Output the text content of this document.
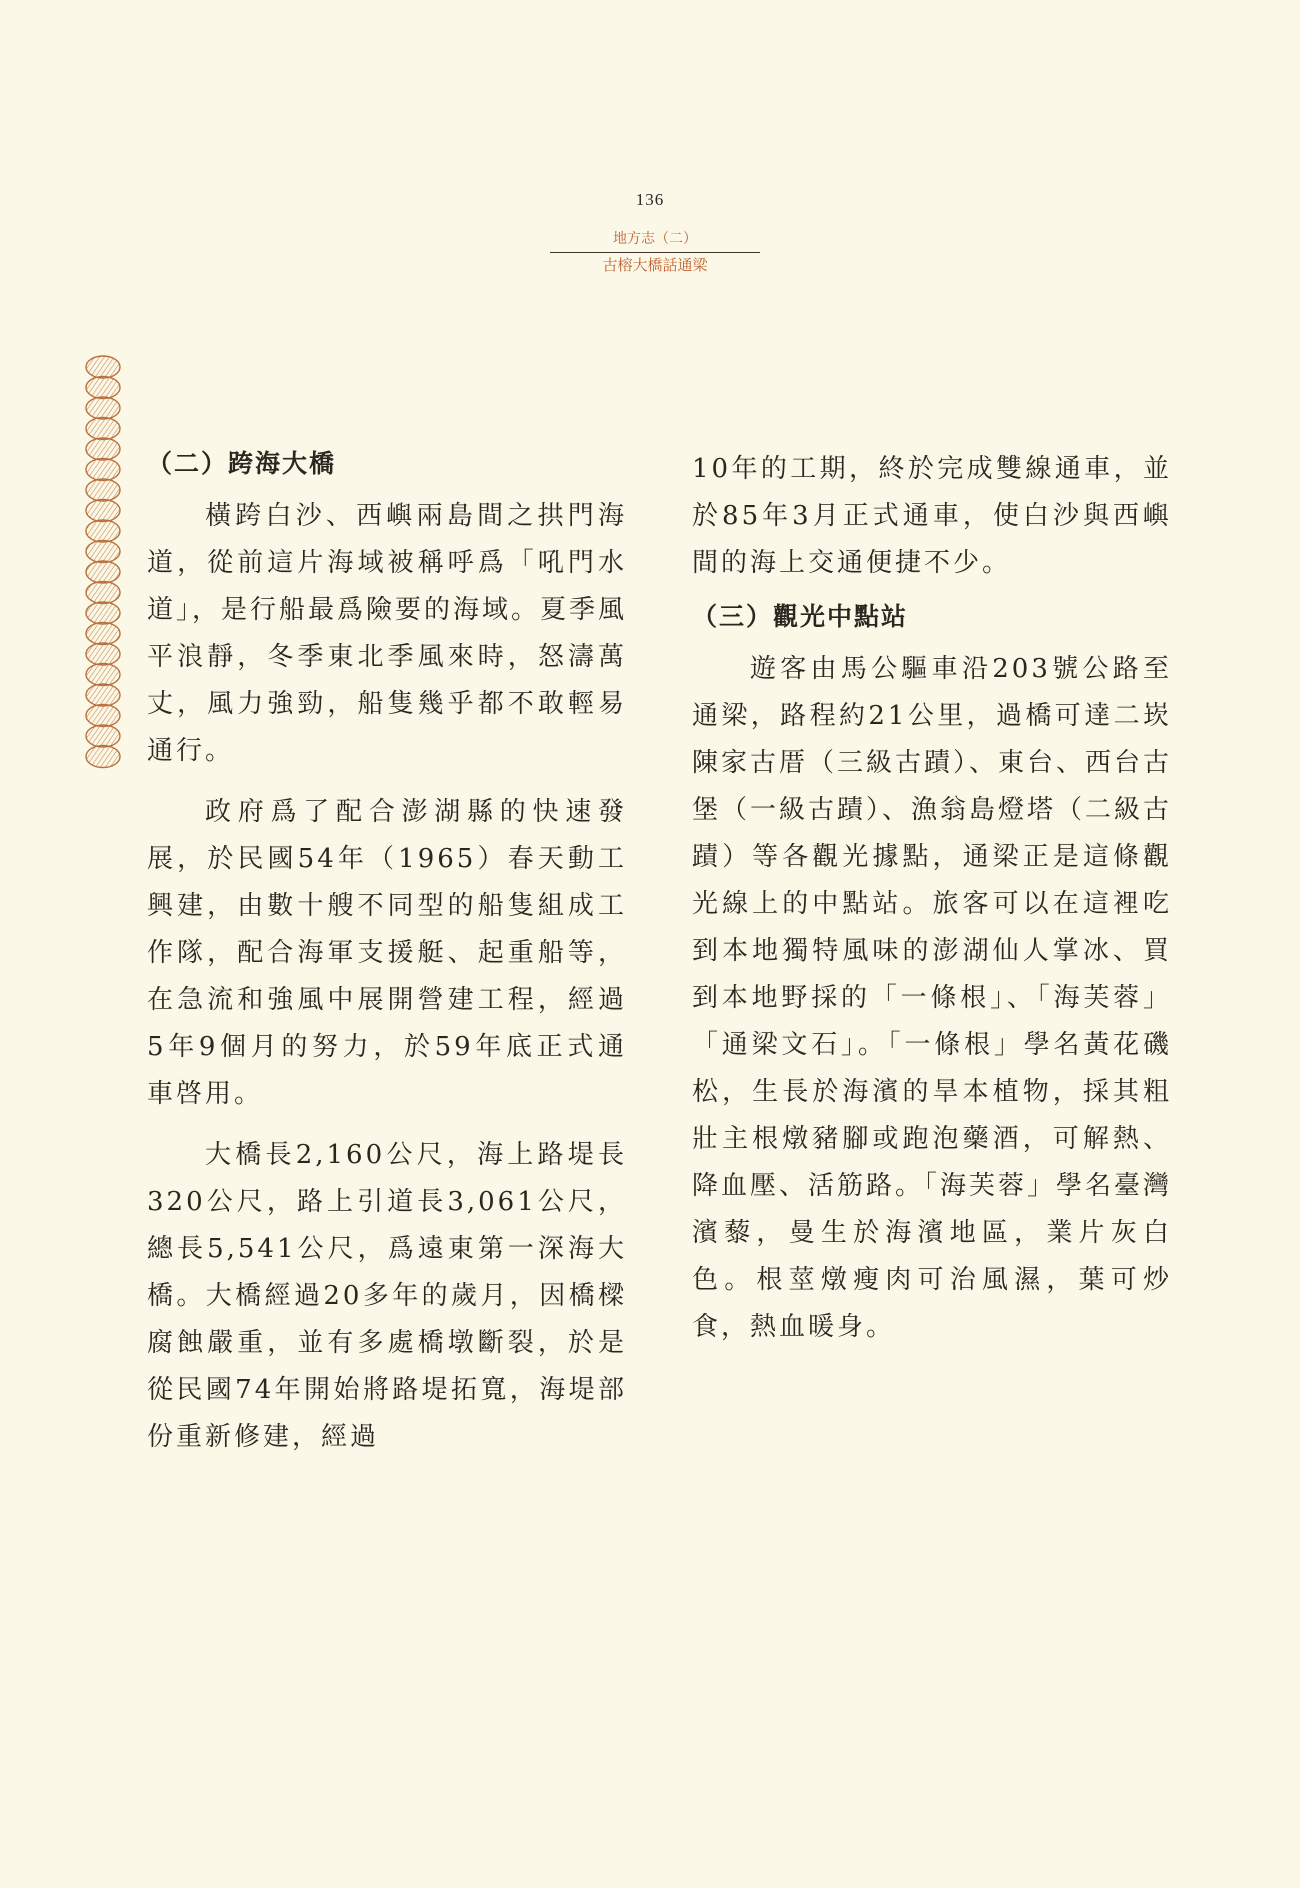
136
地方志（二）
古榕大橋話通梁
（二）跨海大橋

橫跨白沙、西嶼兩島間之拱門海道，從前這片海域被稱呼爲「吼門水道」，是行船最爲險要的海域。夏季風平浪靜，冬季東北季風來時，怒濤萬丈，風力強勁，船隻幾乎都不敢輕易通行。

政府爲了配合澎湖縣的快速發展，於民國54年（1965）春天動工興建，由數十艘不同型的船隻組成工作隊，配合海軍支援艇、起重船等，在急流和強風中展開營建工程，經過5年9個月的努力，於59年底正式通車啓用。

大橋長2,160公尺，海上路堤長320公尺，路上引道長3,061公尺，總長5,541公尺，爲遠東第一深海大橋。大橋經過20多年的歲月，因橋樑腐蝕嚴重，並有多處橋墩斷裂，於是從民國74年開始將路堤拓寬，海堤部份重新修建，經過

10年的工期，終於完成雙線通車，並於85年3月正式通車，使白沙與西嶼間的海上交通便捷不少。

（三）觀光中點站

遊客由馬公驅車沿203號公路至通梁，路程約21公里，過橋可達二崁陳家古厝（三級古蹟）、東台、西台古堡（一級古蹟）、漁翁島燈塔（二級古蹟）等各觀光據點，通梁正是這條觀光線上的中點站。旅客可以在這裡吃到本地獨特風味的澎湖仙人掌冰、買到本地野採的「一條根」、「海芙蓉」「通梁文石」。「一條根」學名黃花磯松，生長於海濱的旱本植物，採其粗壯主根燉豬腳或跑泡藥酒，可解熱、降血壓、活筋路。「海芙蓉」學名臺灣濱藜，曼生於海濱地區，業片灰白色。根莖燉瘦肉可治風濕，葉可炒食，熱血暖身。
